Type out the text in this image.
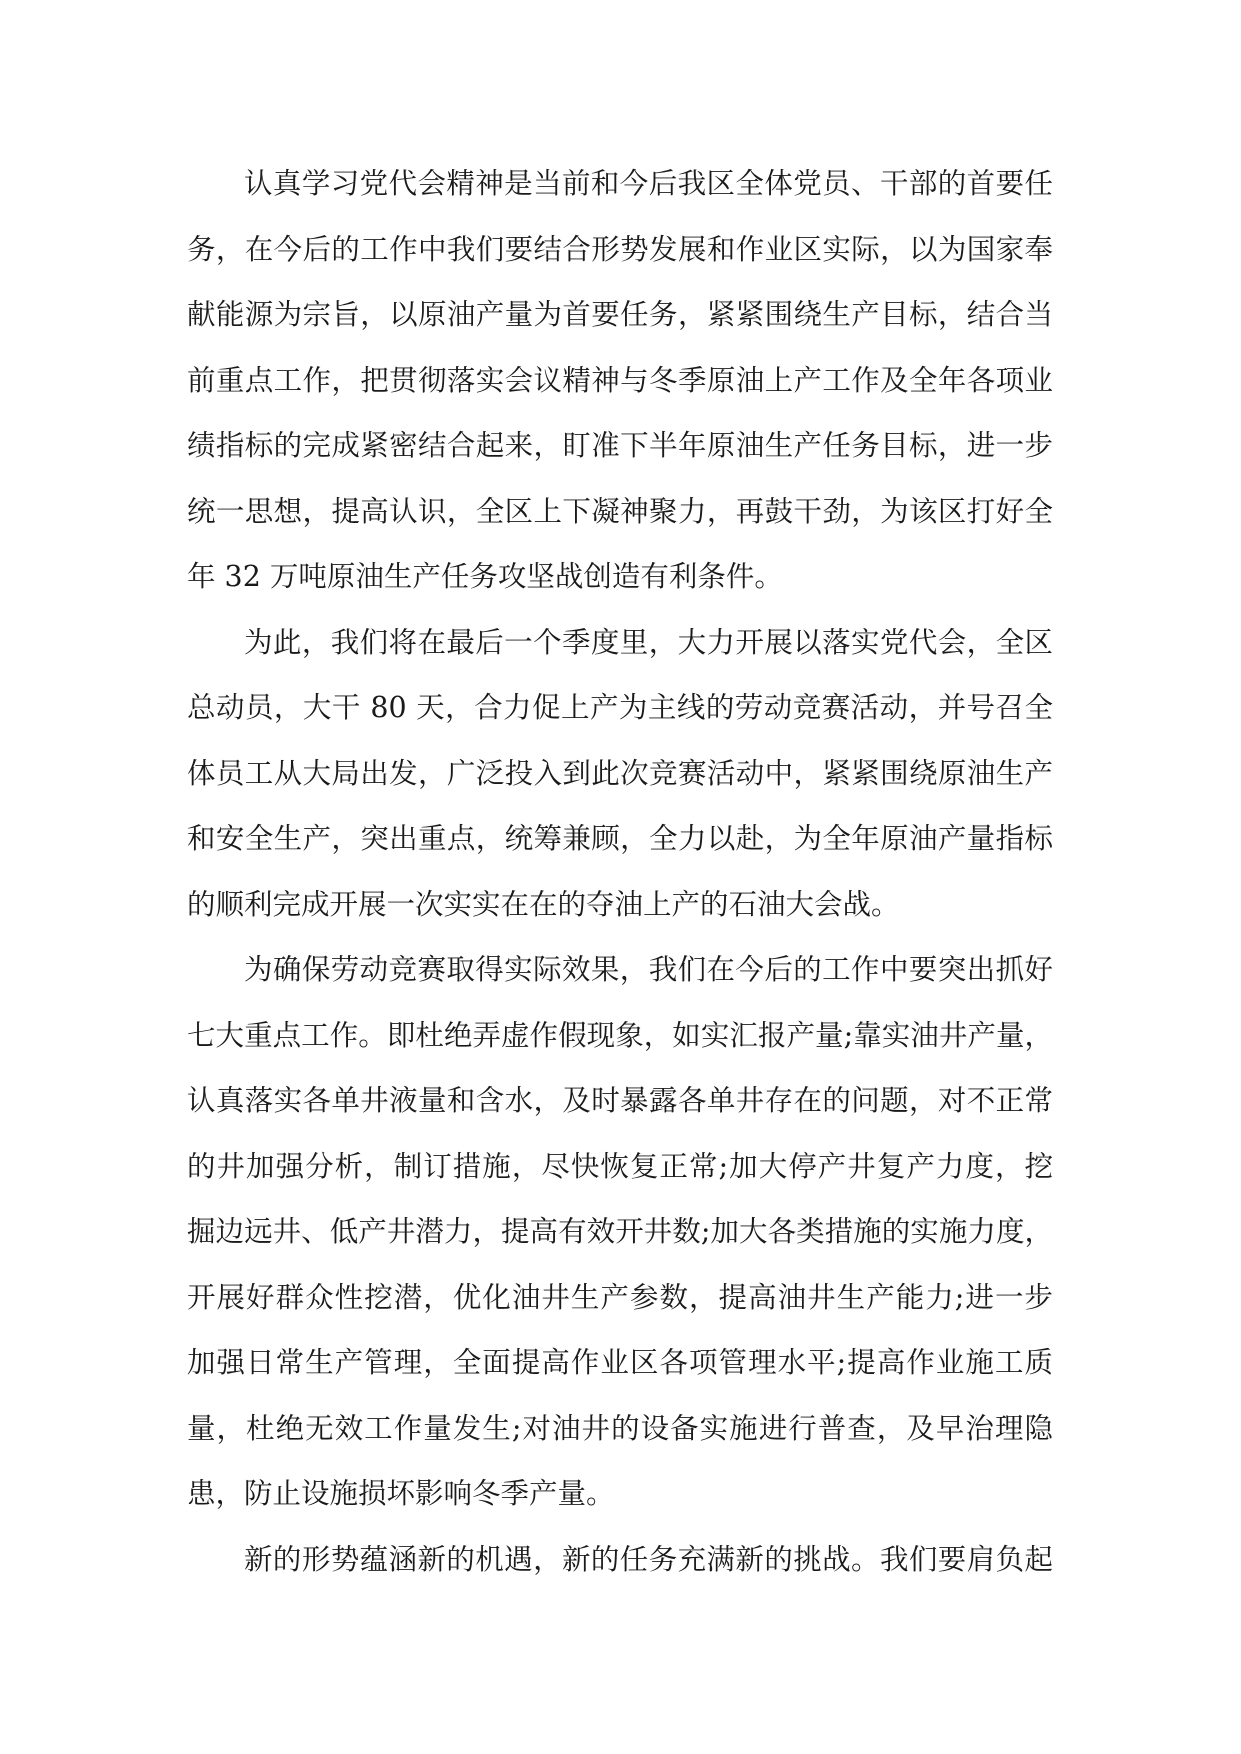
认真学习党代会精神是当前和今后我区全体党员、干部的首要任
务，在今后的工作中我们要结合形势发展和作业区实际，以为国家奉
献能源为宗旨，以原油产量为首要任务，紧紧围绕生产目标，结合当
前重点工作，把贯彻落实会议精神与冬季原油上产工作及全年各项业
绩指标的完成紧密结合起来，盯准下半年原油生产任务目标，进一步
统一思想，提高认识，全区上下凝神聚力，再鼓干劲，为该区打好全
年 32 万吨原油生产任务攻坚战创造有利条件。

为此，我们将在最后一个季度里，大力开展以落实党代会，全区
总动员，大干 80 天，合力促上产为主线的劳动竞赛活动，并号召全
体员工从大局出发，广泛投入到此次竞赛活动中，紧紧围绕原油生产
和安全生产，突出重点，统筹兼顾，全力以赴，为全年原油产量指标
的顺利完成开展一次实实在在的夺油上产的石油大会战。

为确保劳动竞赛取得实际效果，我们在今后的工作中要突出抓好
七大重点工作。即杜绝弄虚作假现象，如实汇报产量;靠实油井产量，
认真落实各单井液量和含水，及时暴露各单井存在的问题，对不正常
的井加强分析，制订措施，尽快恢复正常;加大停产井复产力度，挖
掘边远井、低产井潜力，提高有效开井数;加大各类措施的实施力度，
开展好群众性挖潜，优化油井生产参数，提高油井生产能力;进一步
加强日常生产管理，全面提高作业区各项管理水平;提高作业施工质
量，杜绝无效工作量发生;对油井的设备实施进行普查，及早治理隐
患，防止设施损坏影响冬季产量。

新的形势蕴涵新的机遇，新的任务充满新的挑战。我们要肩负起
